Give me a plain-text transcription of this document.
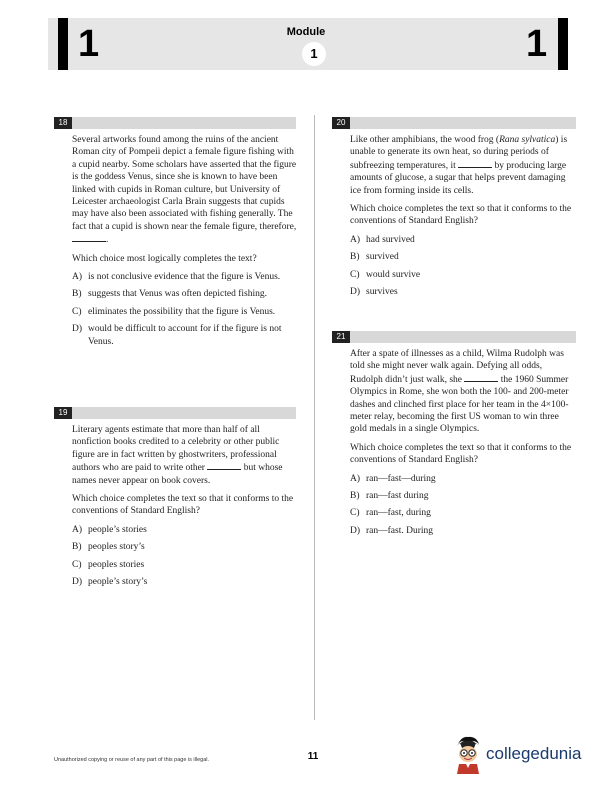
1	1
Module
1
18

Several artworks found among the ruins of the ancient Roman city of Pompeii depict a female figure fishing with a cupid nearby. Some scholars have asserted that the figure is the goddess Venus, since she is known to have been linked with cupids in Roman culture, but University of Leicester archaeologist Carla Brain suggests that cupids may have also been associated with fishing generally. The fact that a cupid is shown near the female figure, therefore, .

Which choice most logically completes the text?

A) is not conclusive evidence that the figure is Venus.
B) suggests that Venus was often depicted fishing.
C) eliminates the possibility that the figure is Venus.
D) would be difficult to account for if the figure is not Venus.
19

Literary agents estimate that more than half of all nonfiction books credited to a celebrity or other public figure are in fact written by ghostwriters, professional authors who are paid to write other	but whose names never appear on book covers.

Which choice completes the text so that it conforms to the conventions of Standard English?

A) people’s stories
B) peoples story’s
C) peoples stories
D) people’s story’s
20

Like other amphibians, the wood frog (Rana sylvatica) is unable to generate its own heat, so during periods of subfreezing temperatures, it	by producing large amounts of glucose, a sugar that helps prevent damaging ice from forming inside its cells.

Which choice completes the text so that it conforms to the conventions of Standard English?

A) had survived
B) survived
C) would survive
D) survives
21

After a spate of illnesses as a child, Wilma Rudolph was told she might never walk again. Defying all odds, Rudolph didn’t just walk, she	the 1960 Summer Olympics in Rome, she won both the 100- and 200-meter dashes and clinched first place for her team in the 4×100-meter relay, becoming the first US woman to win three gold medals in a single Olympics.

Which choice completes the text so that it conforms to the conventions of Standard English?

A) ran—fast—during
B) ran—fast during
C) ran—fast, during
D) ran—fast. During
Unauthorized copying or reuse of any part of this page is illegal.	11	collegedunia
